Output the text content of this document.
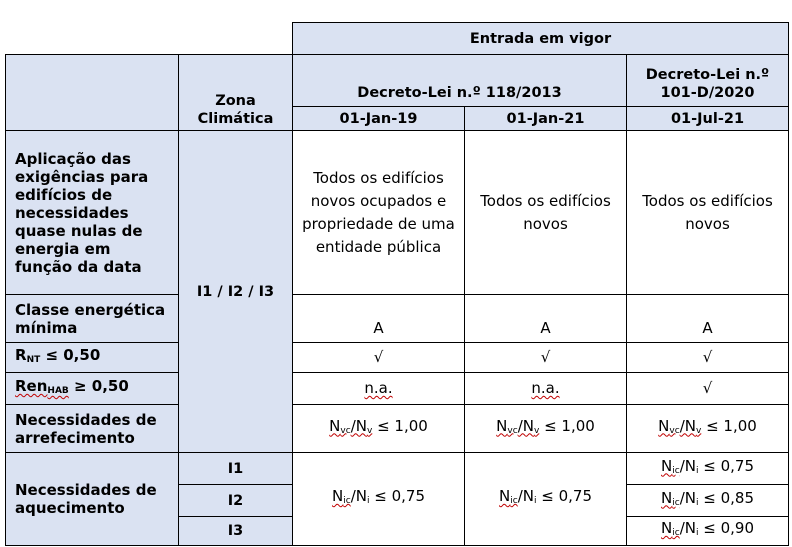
		Entrada em vigor		
	Zona Climática	Decreto-Lei n.º 118/2013		Decreto-Lei n.º 101-D/2020
		01-Jan-19	01-Jan-21	01-Jul-21
Aplicação das exigências para edifícios de necessidades quase nulas de energia em função da data	I1 / I2 / I3	Todos os edifícios novos ocupados e propriedade de uma entidade pública	Todos os edifícios novos	Todos os edifícios novos
Classe energética mínima		A	A	A
RNT ≤ 0,50		√	√	√
RenHAB ≥ 0,50		n.a.	n.a.	√
Necessidades de arrefecimento		$N_{vc}/N_v \le 1,00$	$N_{vc}/N_v \le 1,00$	$N_{vc}/N_v \le 1,00$
Necessidades de aquecimento	I1	$N_{ic}/N_i \le 0,75$	$N_{ic}/N_i \le 0,75$	$N_{ic}/N_i \le 0,75$
	I2			$N_{ic}/N_i \le 0,85$
	I3			$N_{ic}/N_i \le 0,90$
